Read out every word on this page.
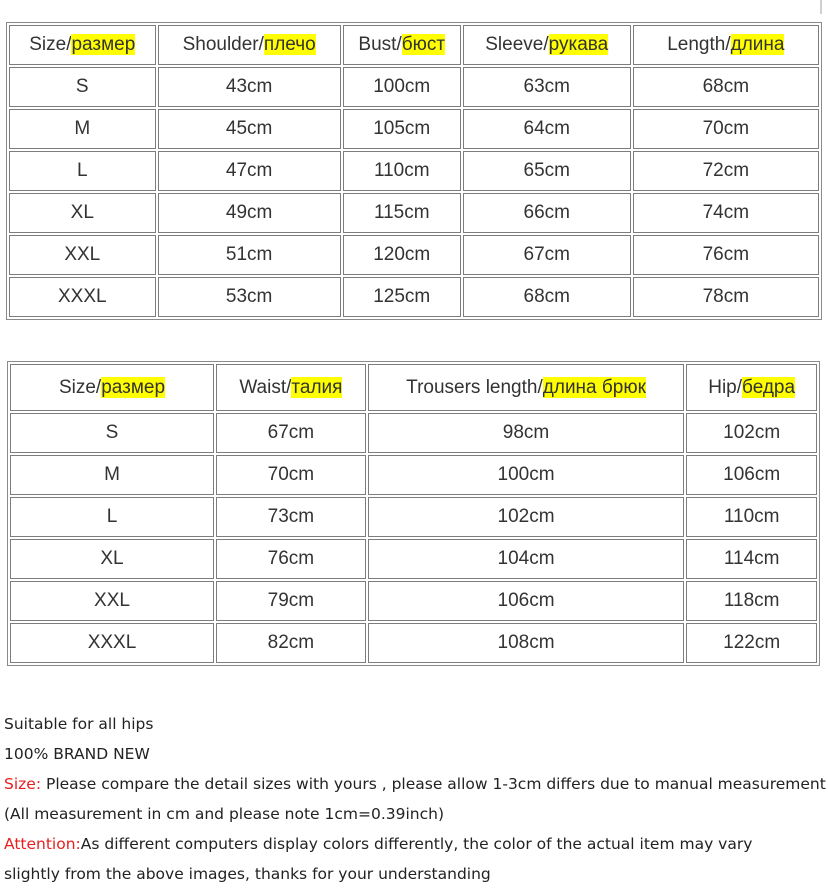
Size/размер	Shoulder/плечо	Bust/бюст	Sleeve/рукава	Length/длина
S	43cm	100cm	63cm	68cm
M	45cm	105cm	64cm	70cm
L	47cm	110cm	65cm	72cm
XL	49cm	115cm	66cm	74cm
XXL	51cm	120cm	67cm	76cm
XXXL	53cm	125cm	68cm	78cm
Size/размер	Waist/талия	Trousers length/длина брюк	Hip/бедра
S	67cm	98cm	102cm
M	70cm	100cm	106cm
L	73cm	102cm	110cm
XL	76cm	104cm	114cm
XXL	79cm	106cm	118cm
XXXL	82cm	108cm	122cm
Suitable for all hips
100% BRAND NEW
Size: Please compare the detail sizes with yours , please allow 1-3cm differs due to manual measurement
(All measurement in cm and please note 1cm=0.39inch)
Attention:As different computers display colors differently, the color of the actual item may vary
slightly from the above images, thanks for your understanding
